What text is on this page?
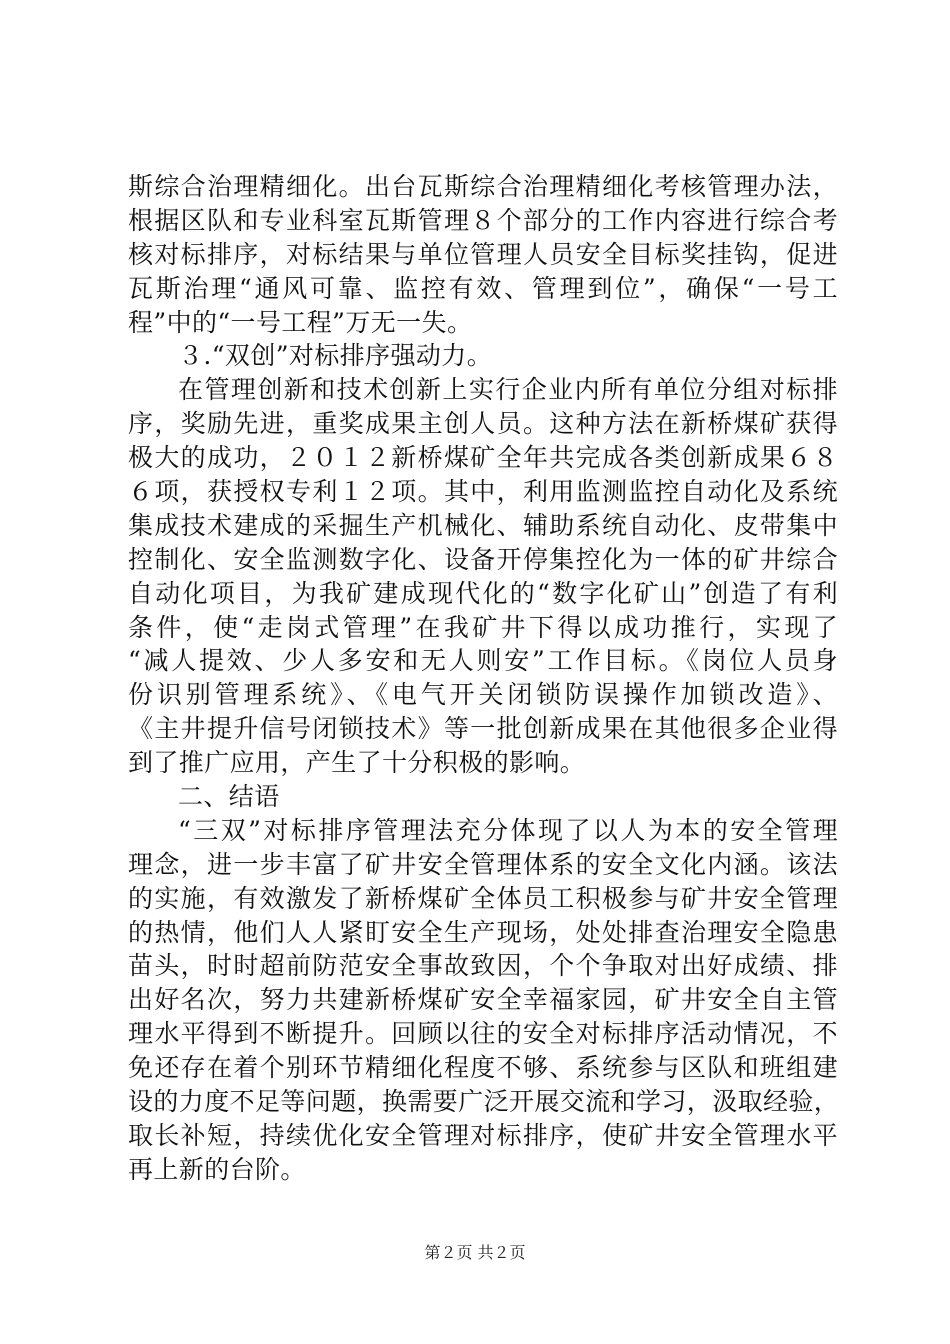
斯综合治理精细化。出台瓦斯综合治理精细化考核管理办法，
根据区队和专业科室瓦斯管理８个部分的工作内容进行综合考
核对标排序，对标结果与单位管理人员安全目标奖挂钩，促进
瓦斯治理“通风可靠、监控有效、管理到位”，确保“一号工
程”中的“一号工程”万无一失。
３.“双创”对标排序强动力。
在管理创新和技术创新上实行企业内所有单位分组对标排
序，奖励先进，重奖成果主创人员。这种方法在新桥煤矿获得
极大的成功，２０１２新桥煤矿全年共完成各类创新成果６８
６项，获授权专利１２项。其中，利用监测监控自动化及系统
集成技术建成的采掘生产机械化、辅助系统自动化、皮带集中
控制化、安全监测数字化、设备开停集控化为一体的矿井综合
自动化项目，为我矿建成现代化的“数字化矿山”创造了有利
条件，使“走岗式管理”在我矿井下得以成功推行，实现了
“减人提效、少人多安和无人则安”工作目标。《岗位人员身
份识别管理系统》、《电气开关闭锁防误操作加锁改造》、
《主井提升信号闭锁技术》等一批创新成果在其他很多企业得
到了推广应用，产生了十分积极的影响。
二、结语
“三双”对标排序管理法充分体现了以人为本的安全管理
理念，进一步丰富了矿井安全管理体系的安全文化内涵。该法
的实施，有效激发了新桥煤矿全体员工积极参与矿井安全管理
的热情，他们人人紧盯安全生产现场，处处排查治理安全隐患
苗头，时时超前防范安全事故致因，个个争取对出好成绩、排
出好名次，努力共建新桥煤矿安全幸福家园，矿井安全自主管
理水平得到不断提升。回顾以往的安全对标排序活动情况，不
免还存在着个别环节精细化程度不够、系统参与区队和班组建
设的力度不足等问题，换需要广泛开展交流和学习，汲取经验，
取长补短，持续优化安全管理对标排序，使矿井安全管理水平
再上新的台阶。
第２页 共２页
